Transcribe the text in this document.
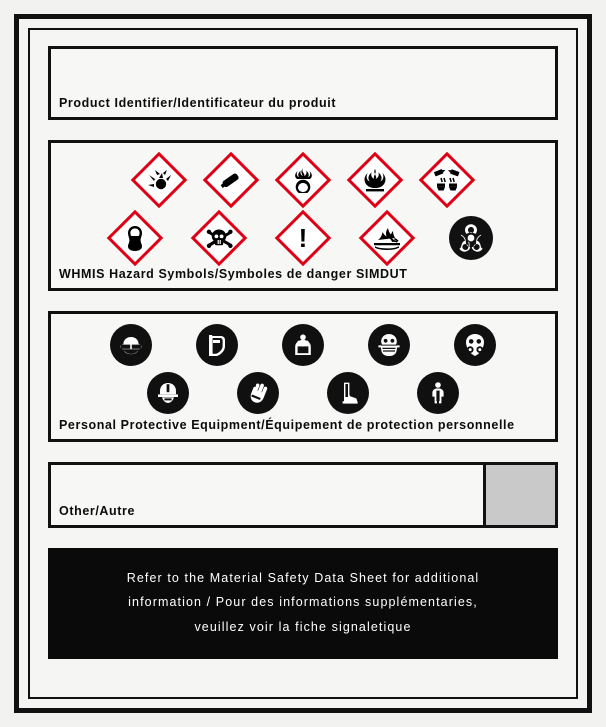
Product Identifier/Identificateur du produit
!
WHMIS Hazard Symbols/Symboles de danger SIMDUT
Personal Protective Equipment/Équipement de protection personnelle
Other/Autre
Refer to the Material Safety Data Sheet for additional
information / Pour des informations supplémentaries,
veuillez voir la fiche signaletique
